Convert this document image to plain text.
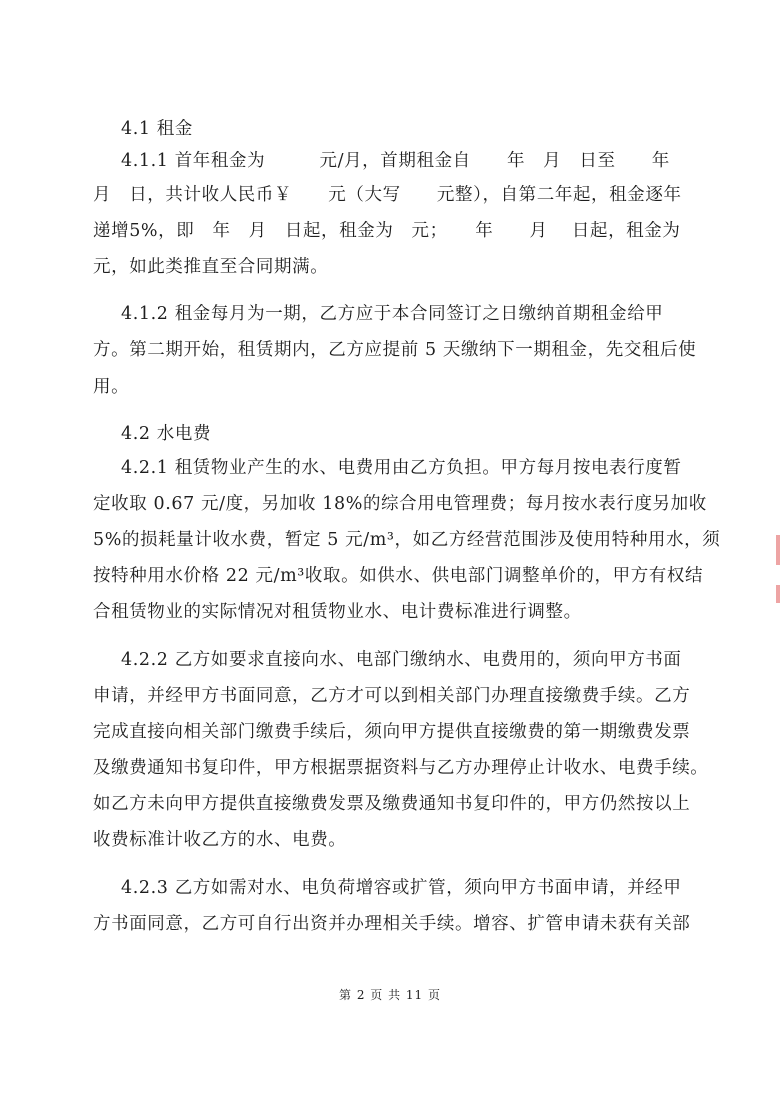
4.1 租金
4.1.1 首年租金为　　　元/月，首期租金自　　年　月　日至　　年
月　日，共计收人民币￥　　元（大写　　元整），自第二年起，租金逐年
递增5%，即　年　月　日起，租金为　元；　　年　　月　 日起，租金为
元，如此类推直至合同期满。
4.1.2 租金每月为一期，乙方应于本合同签订之日缴纳首期租金给甲
方。第二期开始，租赁期内，乙方应提前 5 天缴纳下一期租金，先交租后使
用。
4.2 水电费
4.2.1 租赁物业产生的水、电费用由乙方负担。甲方每月按电表行度暂
定收取 0.67 元/度，另加收 18%的综合用电管理费；每月按水表行度另加收
5%的损耗量计收水费，暂定 5 元/m³，如乙方经营范围涉及使用特种用水，须
按特种用水价格 22 元/m³收取。如供水、供电部门调整单价的，甲方有权结
合租赁物业的实际情况对租赁物业水、电计费标准进行调整。
4.2.2 乙方如要求直接向水、电部门缴纳水、电费用的，须向甲方书面
申请，并经甲方书面同意，乙方才可以到相关部门办理直接缴费手续。乙方
完成直接向相关部门缴费手续后，须向甲方提供直接缴费的第一期缴费发票
及缴费通知书复印件，甲方根据票据资料与乙方办理停止计收水、电费手续。
如乙方未向甲方提供直接缴费发票及缴费通知书复印件的，甲方仍然按以上
收费标准计收乙方的水、电费。
4.2.3 乙方如需对水、电负荷增容或扩管，须向甲方书面申请，并经甲
方书面同意，乙方可自行出资并办理相关手续。增容、扩管申请未获有关部
第 2 页 共 11 页
